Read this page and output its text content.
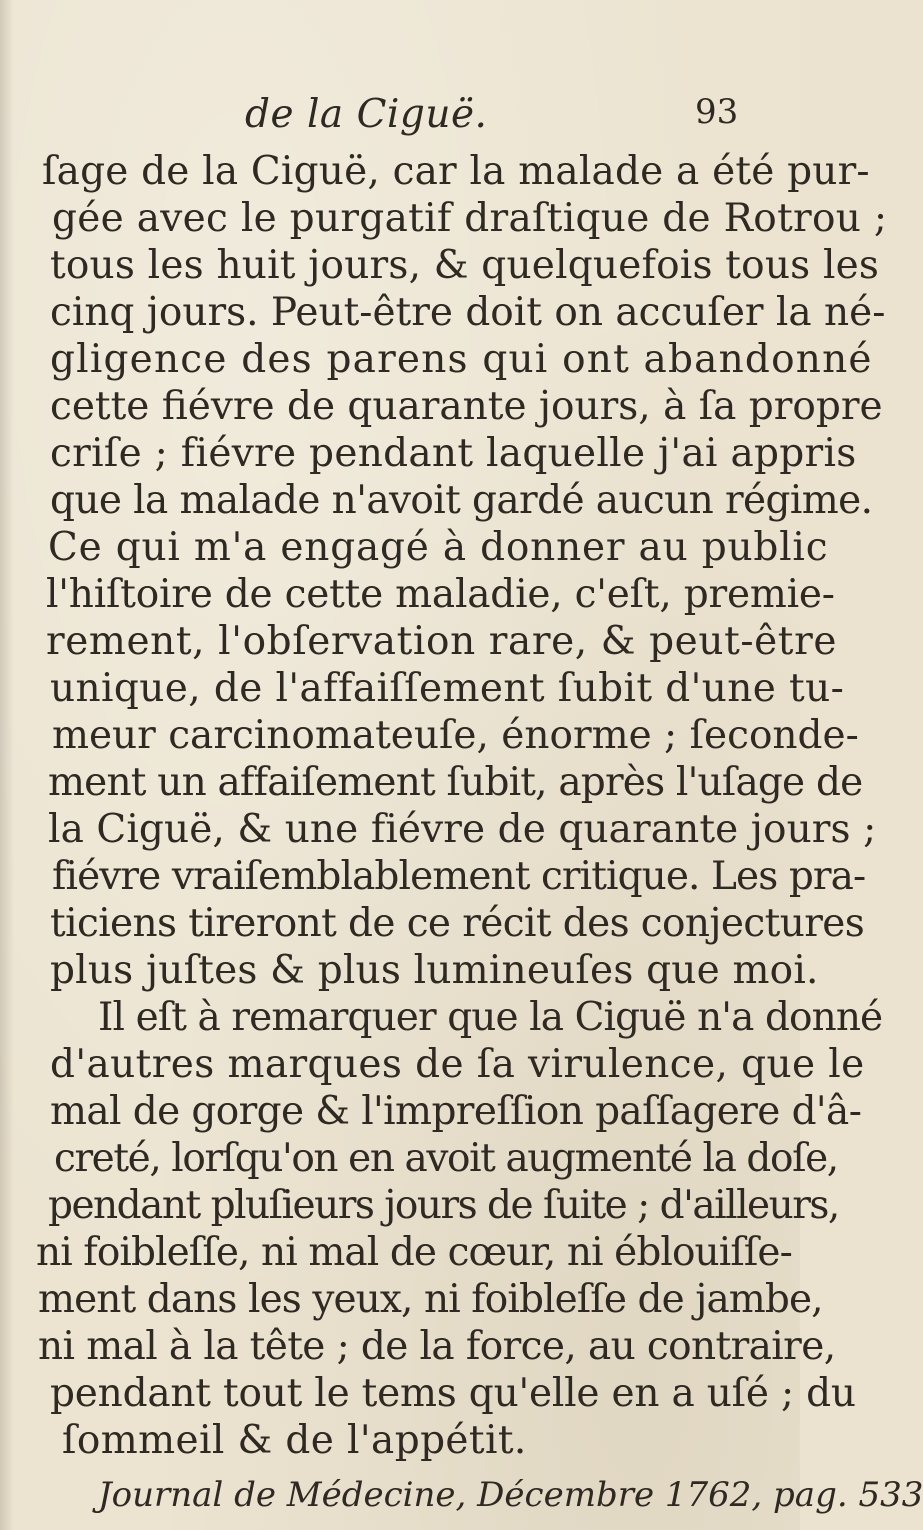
de la Ciguë.	93
ſage de la Ciguë, car la malade a été pur-
gée avec le purgatif draſtique de Rotrou ;
tous les huit jours, & quelquefois tous les
cinq jours. Peut-être doit on accuſer la né-
gligence des parens qui ont abandonné
cette fiévre de quarante jours, à ſa propre
criſe ; fiévre pendant laquelle j'ai appris
que la malade n'avoit gardé aucun régime.
Ce qui m'a engagé à donner au public
l'hiſtoire de cette maladie, c'eſt, premie-
rement, l'obſervation rare, & peut-être
unique, de l'affaiſſement ſubit d'une tu-
meur carcinomateuſe, énorme ; ſeconde-
ment un affaiſement ſubit, après l'uſage de
la Ciguë, & une fiévre de quarante jours ;
fiévre vraiſemblablement critique. Les pra-
ticiens tireront de ce récit des conjectures
plus juſtes & plus lumineuſes que moi.
Il eſt à remarquer que la Ciguë n'a donné
d'autres marques de ſa virulence, que le
mal de gorge & l'impreſſion paſſagere d'â-
creté, lorſqu'on en avoit augmenté la doſe,
pendant pluſieurs jours de ſuite ; d'ailleurs,
ni foibleſſe, ni mal de cœur, ni éblouiſſe-
ment dans les yeux, ni foibleſſe de jambe,
ni mal à la tête ; de la force, au contraire,
pendant tout le tems qu'elle en a uſé ; du
ſommeil & de l'appétit.
Journal de Médecine, Décembre 1762, pag. 533
